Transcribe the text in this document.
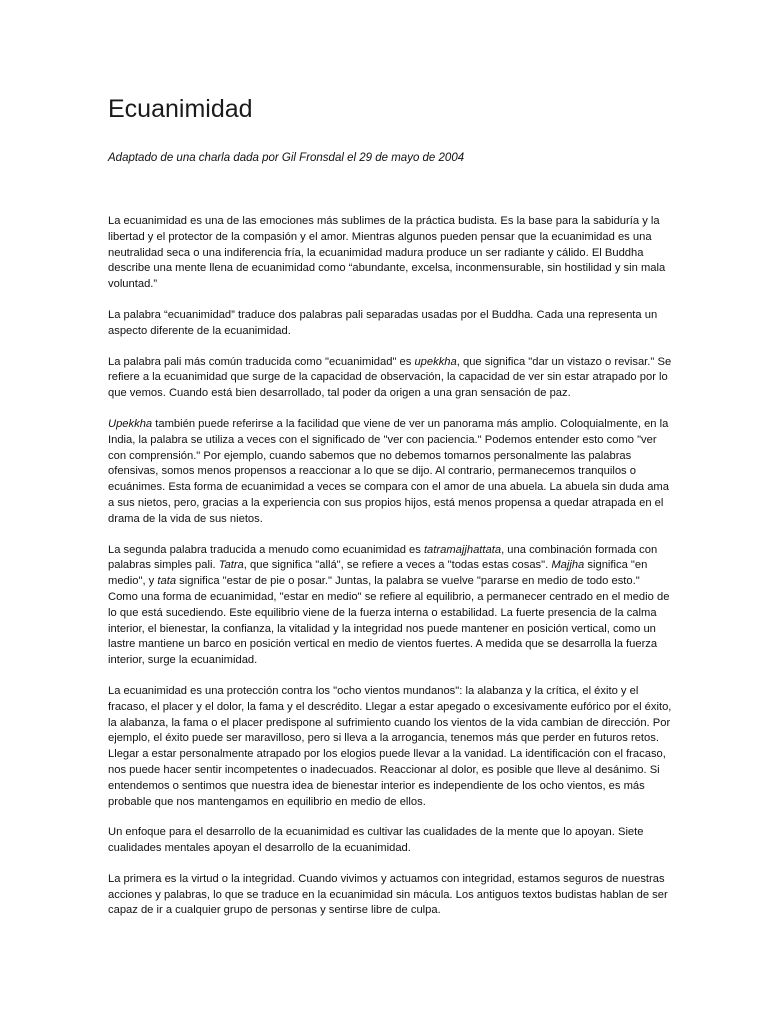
Ecuanimidad

Adaptado de una charla dada por Gil Fronsdal el 29 de mayo de 2004

La ecuanimidad es una de las emociones más sublimes de la práctica budista. Es la base para la sabiduría y la libertad y el protector de la compasión y el amor. Mientras algunos pueden pensar que la ecuanimidad es una neutralidad seca o una indiferencia fría, la ecuanimidad madura produce un ser radiante y cálido. El Buddha describe una mente llena de ecuanimidad como “abundante, excelsa, inconmensurable, sin hostilidad y sin mala voluntad.”

La palabra “ecuanimidad” traduce dos palabras pali separadas usadas por el Buddha. Cada una representa un aspecto diferente de la ecuanimidad.

La palabra pali más común traducida como "ecuanimidad" es upekkha, que significa "dar un vistazo o revisar." Se refiere a la ecuanimidad que surge de la capacidad de observación, la capacidad de ver sin estar atrapado por lo que vemos. Cuando está bien desarrollado, tal poder da origen a una gran sensación de paz.

Upekkha también puede referirse a la facilidad que viene de ver un panorama más amplio. Coloquialmente, en la India, la palabra se utiliza a veces con el significado de "ver con paciencia." Podemos entender esto como "ver con comprensión." Por ejemplo, cuando sabemos que no debemos tomarnos personalmente las palabras ofensivas, somos menos propensos a reaccionar a lo que se dijo. Al contrario, permanecemos tranquilos o ecuánimes. Esta forma de ecuanimidad a veces se compara con el amor de una abuela. La abuela sin duda ama a sus nietos, pero, gracias a la experiencia con sus propios hijos, está menos propensa a quedar atrapada en el drama de la vida de sus nietos.

La segunda palabra traducida a menudo como ecuanimidad es tatramajjhattata, una combinación formada con palabras simples pali. Tatra, que significa "allá", se refiere a veces a "todas estas cosas". Majjha significa "en medio", y tata significa "estar de pie o posar." Juntas, la palabra se vuelve "pararse en medio de todo esto." Como una forma de ecuanimidad, "estar en medio" se refiere al equilibrio, a permanecer centrado en el medio de lo que está sucediendo. Este equilibrio viene de la fuerza interna o estabilidad. La fuerte presencia de la calma interior, el bienestar, la confianza, la vitalidad y la integridad nos puede mantener en posición vertical, como un lastre mantiene un barco en posición vertical en medio de vientos fuertes. A medida que se desarrolla la fuerza interior, surge la ecuanimidad.

La ecuanimidad es una protección contra los "ocho vientos mundanos": la alabanza y la crítica, el éxito y el fracaso, el placer y el dolor, la fama y el descrédito. Llegar a estar apegado o excesivamente eufórico por el éxito, la alabanza, la fama o el placer predispone al sufrimiento cuando los vientos de la vida cambian de dirección. Por ejemplo, el éxito puede ser maravilloso, pero si lleva a la arrogancia, tenemos más que perder en futuros retos. Llegar a estar personalmente atrapado por los elogios puede llevar a la vanidad. La identificación con el fracaso, nos puede hacer sentir incompetentes o inadecuados. Reaccionar al dolor, es posible que lleve al desánimo. Si entendemos o sentimos que nuestra idea de bienestar interior es independiente de los ocho vientos, es más probable que nos mantengamos en equilibrio en medio de ellos.

Un enfoque para el desarrollo de la ecuanimidad es cultivar las cualidades de la mente que lo apoyan. Siete cualidades mentales apoyan el desarrollo de la ecuanimidad.

La primera es la virtud o la integridad. Cuando vivimos y actuamos con integridad, estamos seguros de nuestras acciones y palabras, lo que se traduce en la ecuanimidad sin mácula. Los antiguos textos budistas hablan de ser capaz de ir a cualquier grupo de personas y sentirse libre de culpa.
